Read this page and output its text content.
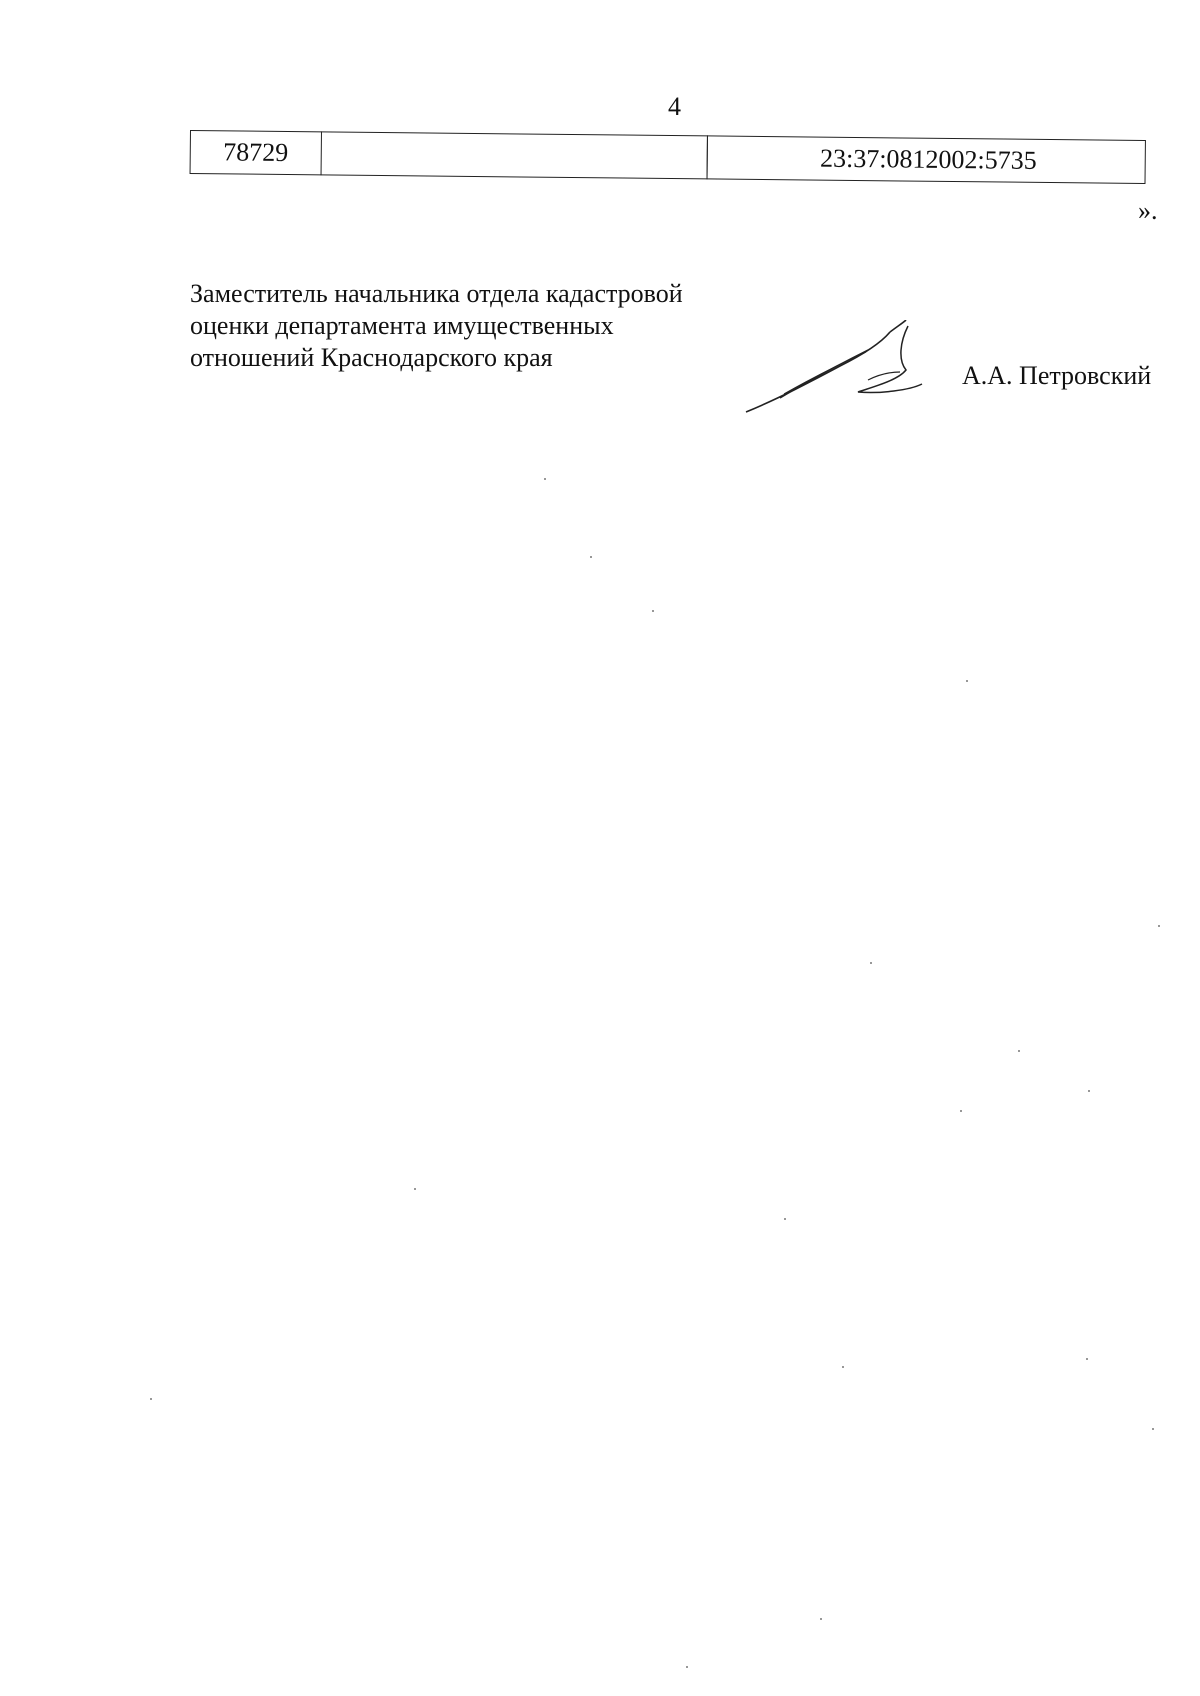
4
78729	23:37:0812002:5735
».
Заместитель начальника отдела кадастровой
оценки департамента имущественных
отношений Краснодарского края
А.А. Петровский
